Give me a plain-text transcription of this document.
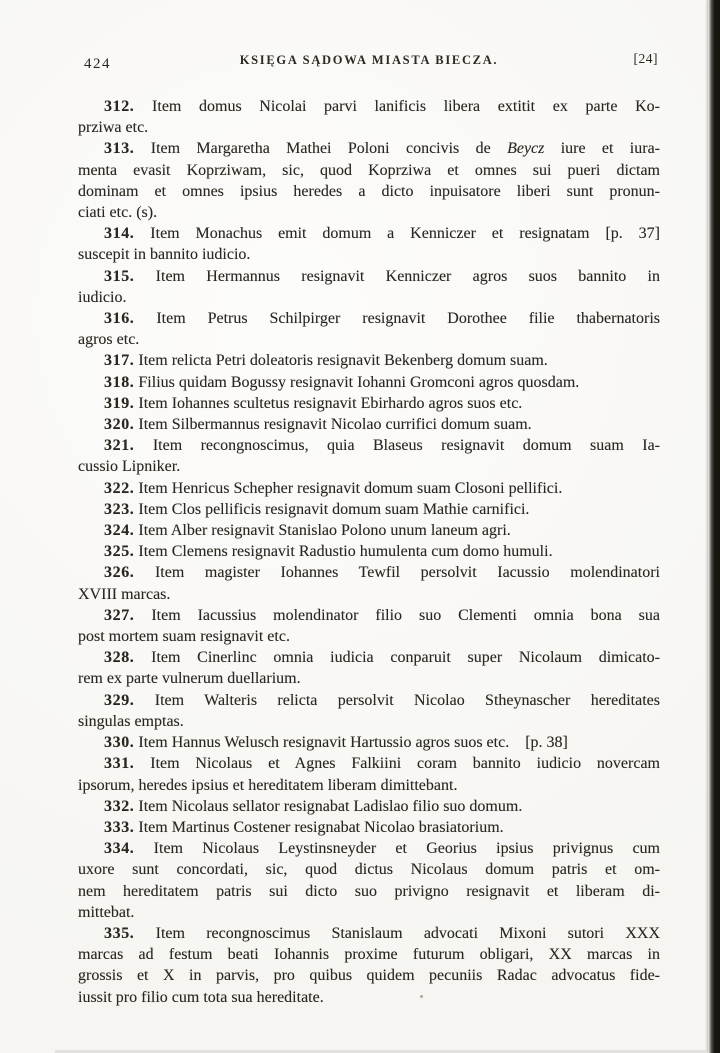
424	KSIĘGA SĄDOWA MIASTA BIECZA.	[24]
312. Item domus Nicolai parvi lanificis libera extitit ex parte Ko-
prziwa etc.
313. Item Margaretha Mathei Poloni concivis de Beycz iure et iura-
menta evasit Koprziwam, sic, quod Koprziwa et omnes sui pueri dictam
dominam et omnes ipsius heredes a dicto inpuisatore liberi sunt pronun-
ciati etc. (s).
314. Item Monachus emit domum a Kenniczer et resignatam [p. 37]
suscepit in bannito iudicio.
315. Item Hermannus resignavit Kenniczer agros suos bannito in
iudicio.
316. Item Petrus Schilpirger resignavit Dorothee filie thabernatoris
agros etc.
317. Item relicta Petri doleatoris resignavit Bekenberg domum suam.
318. Filius quidam Bogussy resignavit Iohanni Gromconi agros quosdam.
319. Item Iohannes scultetus resignavit Ebirhardo agros suos etc.
320. Item Silbermannus resignavit Nicolao currifici domum suam.
321. Item recongnoscimus, quia Blaseus resignavit domum suam Ia-
cussio Lipniker.
322. Item Henricus Schepher resignavit domum suam Closoni pellifici.
323. Item Clos pellificis resignavit domum suam Mathie carnifici.
324. Item Alber resignavit Stanislao Polono unum laneum agri.
325. Item Clemens resignavit Radustio humulenta cum domo humuli.
326. Item magister Iohannes Tewfil persolvit Iacussio molendinatori
XVIII marcas.
327. Item Iacussius molendinator filio suo Clementi omnia bona sua
post mortem suam resignavit etc.
328. Item Cinerlinc omnia iudicia conparuit super Nicolaum dimicato-
rem ex parte vulnerum duellarium.
329. Item Walteris relicta persolvit Nicolao Stheynascher hereditates
singulas emptas.
330. Item Hannus Welusch resignavit Hartussio agros suos etc. [p. 38]
331. Item Nicolaus et Agnes Falkiini coram bannito iudicio novercam
ipsorum, heredes ipsius et hereditatem liberam dimittebant.
332. Item Nicolaus sellator resignabat Ladislao filio suo domum.
333. Item Martinus Costener resignabat Nicolao brasiatorium.
334. Item Nicolaus Leystinsneyder et Georius ipsius privignus cum
uxore sunt concordati, sic, quod dictus Nicolaus domum patris et om-
nem hereditatem patris sui dicto suo privigno resignavit et liberam di-
mittebat.
335. Item recongnoscimus Stanislaum advocati Mixoni sutori XXX
marcas ad festum beati Iohannis proxime futurum obligari, XX marcas in
grossis et X in parvis, pro quibus quidem pecuniis Radac advocatus fide-
iussit pro filio cum tota sua hereditate.
